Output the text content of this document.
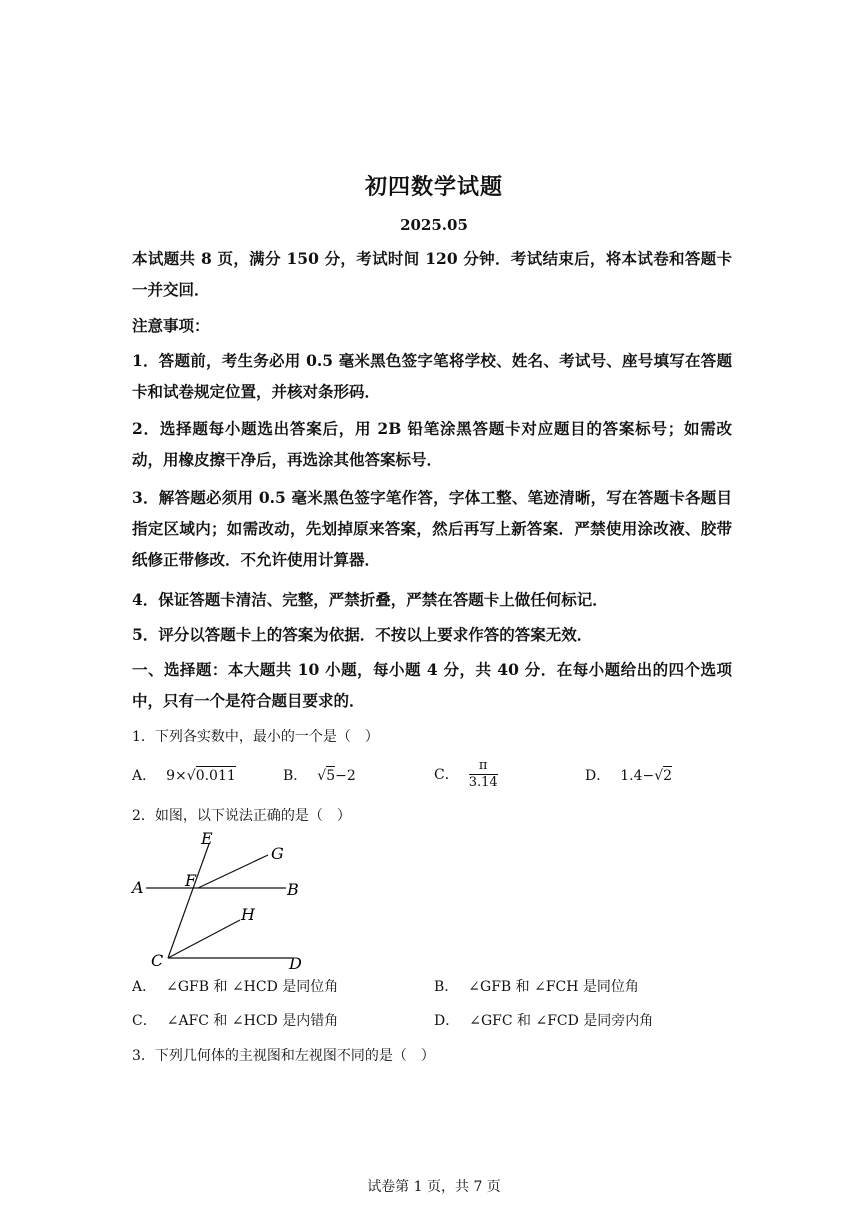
初四数学试题
2025.05
本试题共 8 页，满分 150 分，考试时间 120 分钟．考试结束后，将本试卷和答题卡一并交回．
注意事项：
1．答题前，考生务必用 0.5 毫米黑色签字笔将学校、姓名、考试号、座号填写在答题卡和试卷规定位置，并核对条形码．
2．选择题每小题选出答案后，用 2B 铅笔涂黑答题卡对应题目的答案标号；如需改动，用橡皮擦干净后，再选涂其他答案标号．
3．解答题必须用 0.5 毫米黑色签字笔作答，字体工整、笔迹清晰，写在答题卡各题目指定区域内；如需改动，先划掉原来答案，然后再写上新答案．严禁使用涂改液、胶带纸修正带修改．不允许使用计算器．
4．保证答题卡清洁、完整，严禁折叠，严禁在答题卡上做任何标记．
5．评分以答题卡上的答案为依据．不按以上要求作答的答案无效．
一、选择题：本大题共 10 小题，每小题 4 分，共 40 分．在每小题给出的四个选项中，只有一个是符合题目要求的．
1．下列各实数中，最小的一个是（　）
A． 9×√0.011	B． √5−2	C． $\frac{\pi}{3.14}$	D． 1.4−√2
2．如图，以下说法正确的是（　）
E
G
A	F	B
H
C	D
A． ∠GFB 和 ∠HCD 是同位角	B． ∠GFB 和 ∠FCH 是同位角
C． ∠AFC 和 ∠HCD 是内错角	D． ∠GFC 和 ∠FCD 是同旁内角
3．下列几何体的主视图和左视图不同的是（　）
试卷第 1 页，共 7 页
